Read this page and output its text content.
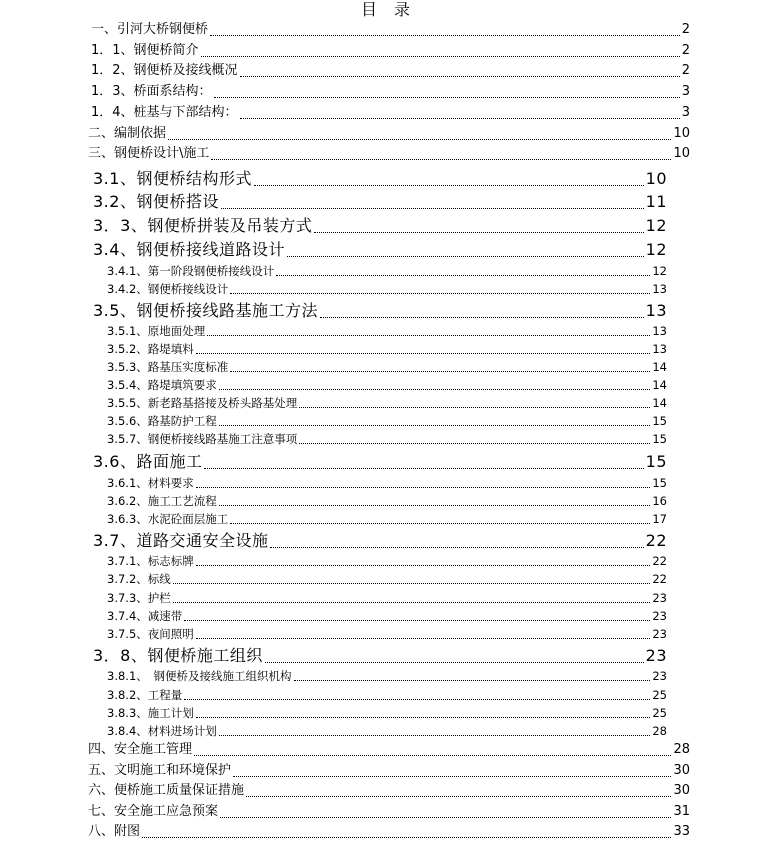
目 录
一、引河大桥钢便桥	2
1．1、钢便桥简介	2
1．2、钢便桥及接线概况	2
1．3、桥面系结构：	3
1．4、桩基与下部结构：	3
二、编制依据	10
三、钢便桥设计\施工	10
3.1、钢便桥结构形式	10
3.2、钢便桥搭设	11
3．3、钢便桥拼装及吊装方式	12
3.4、钢便桥接线道路设计	12
3.4.1、第一阶段钢便桥接线设计	12
3.4.2、钢便桥接线设计	13
3.5、钢便桥接线路基施工方法	13
3.5.1、原地面处理	13
3.5.2、路堤填料	13
3.5.3、路基压实度标准	14
3.5.4、路堤填筑要求	14
3.5.5、新老路基搭接及桥头路基处理	14
3.5.6、路基防护工程	15
3.5.7、钢便桥接线路基施工注意事项	15
3.6、路面施工	15
3.6.1、材料要求	15
3.6.2、施工工艺流程	16
3.6.3、水泥砼面层施工	17
3.7、道路交通安全设施	22
3.7.1、标志标牌	22
3.7.2、标线	22
3.7.3、护栏	23
3.7.4、减速带	23
3.7.5、夜间照明	23
3．8、钢便桥施工组织	23
3.8.1、　钢便桥及接线施工组织机构	23
3.8.2、工程量	25
3.8.3、施工计划	25
3.8.4、材料进场计划	28
四、安全施工管理	28
五、文明施工和环境保护	30
六、便桥施工质量保证措施	30
七、安全施工应急预案	31
八、附图	33
